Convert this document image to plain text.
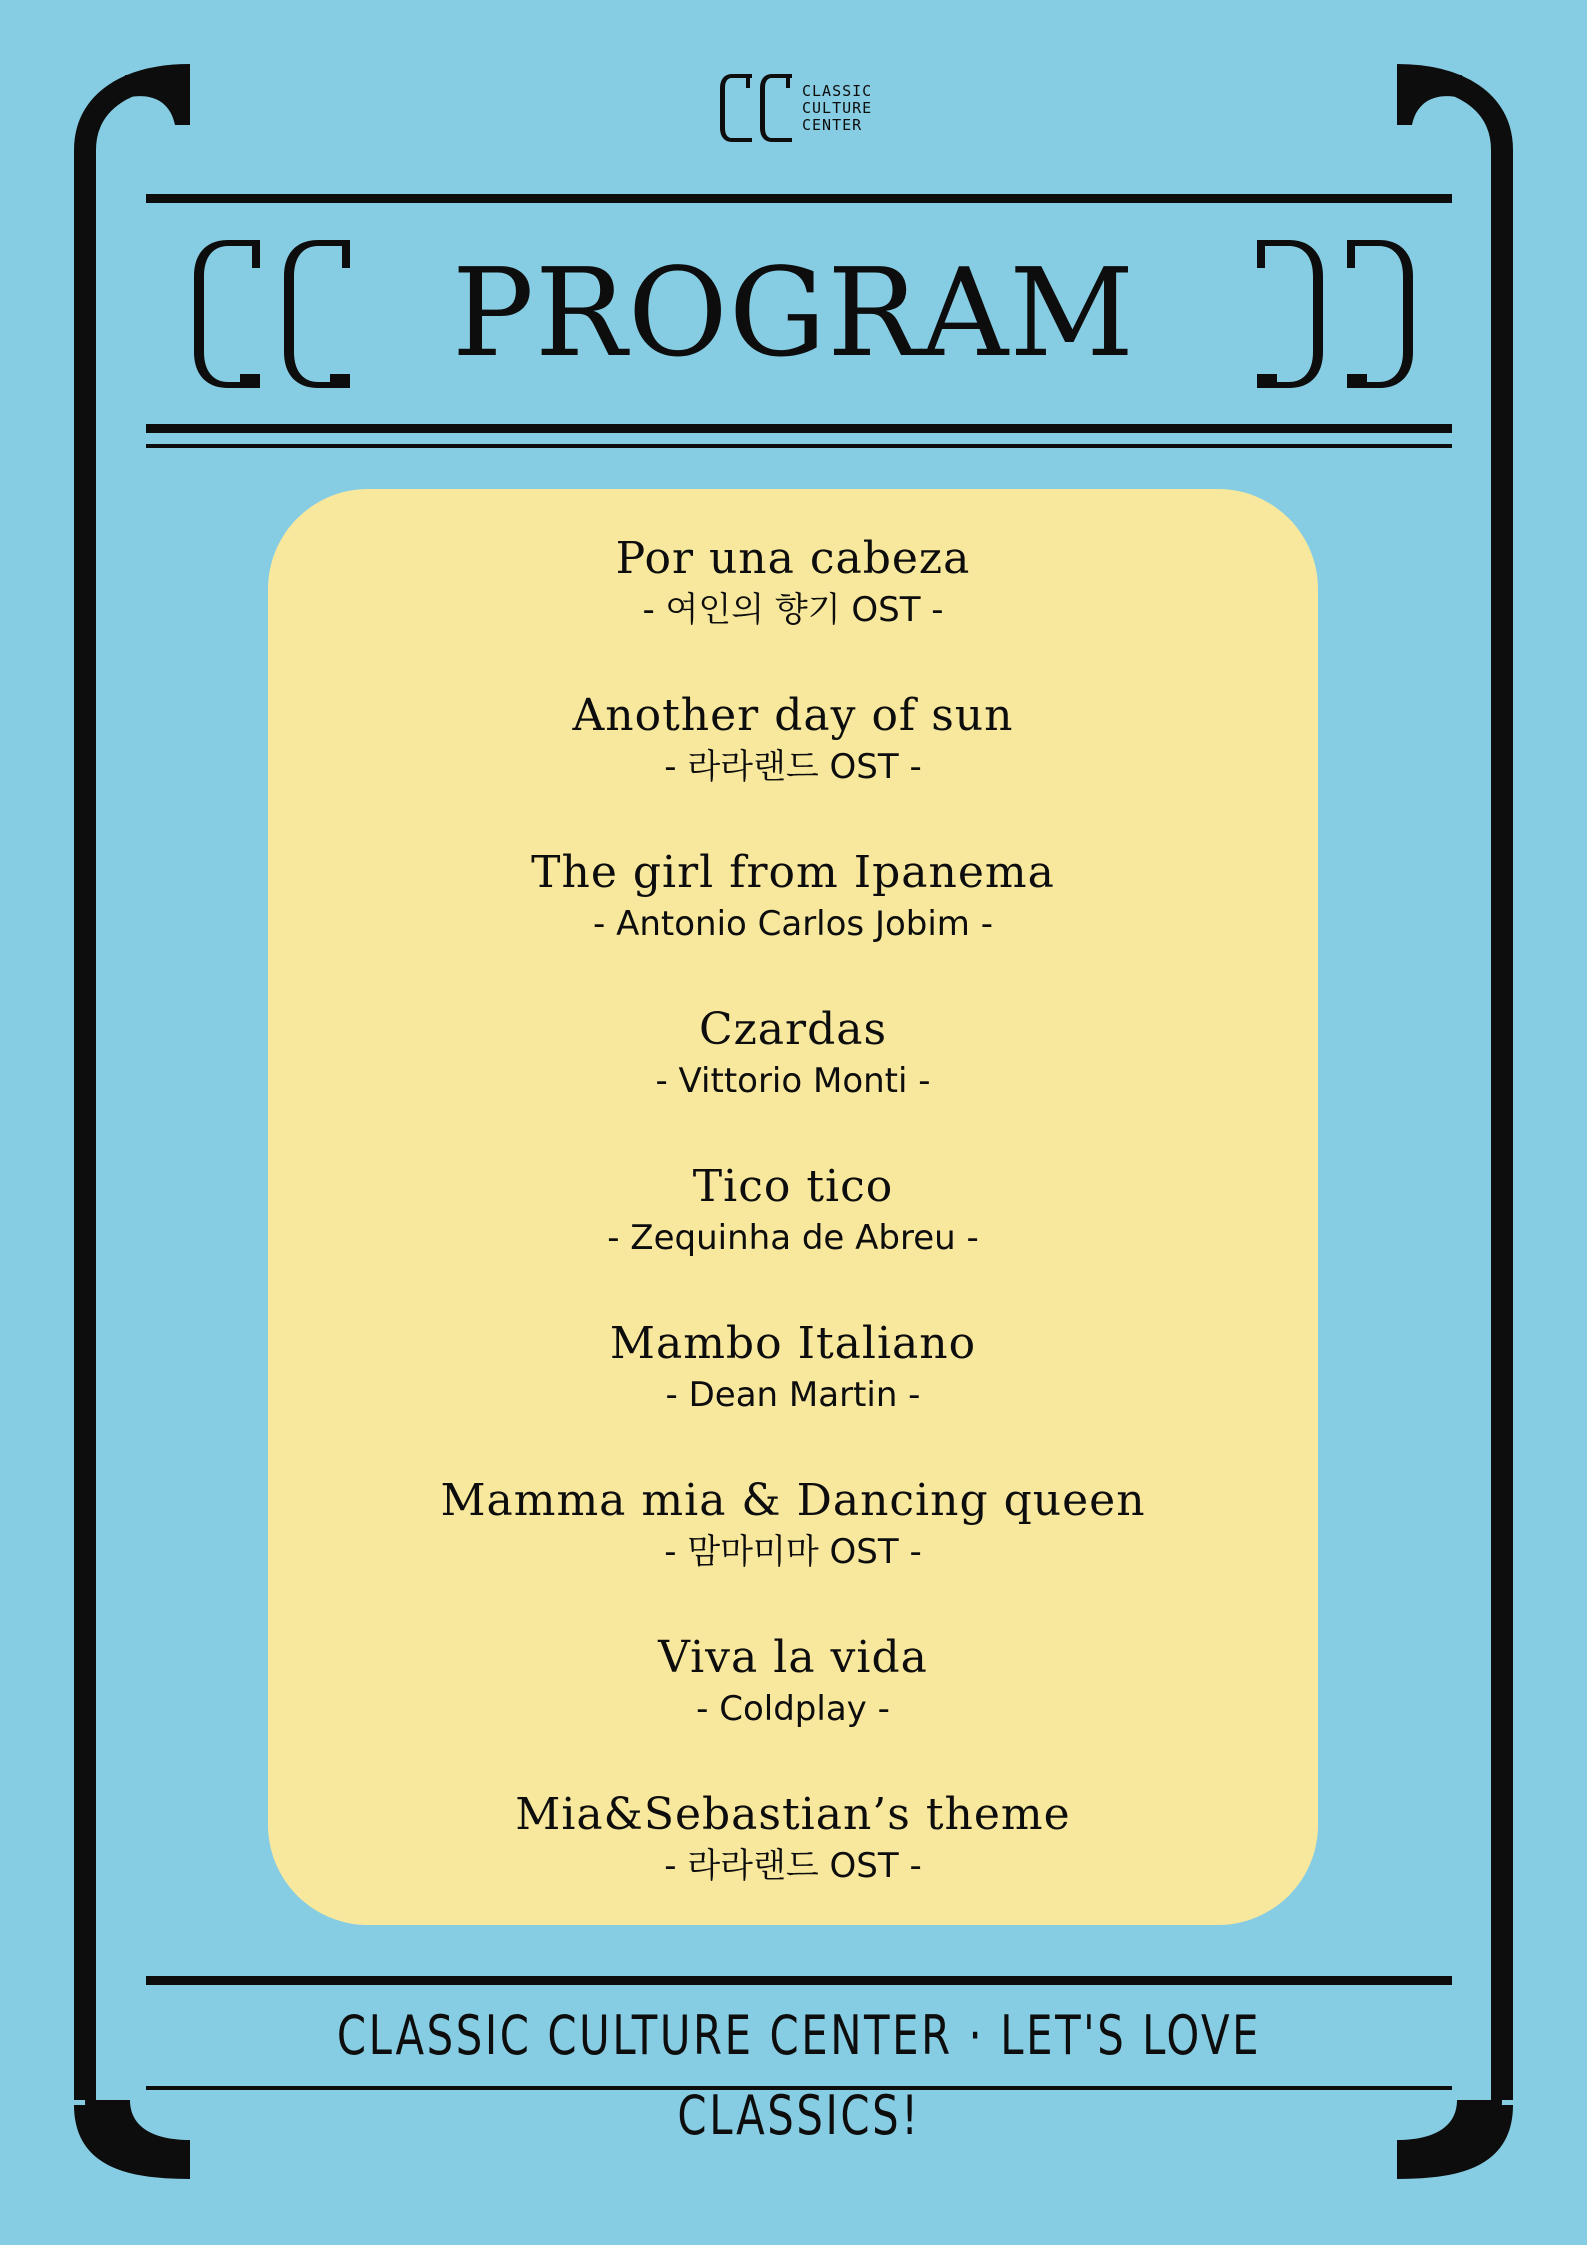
CLASSIC
CULTURE
CENTER
PROGRAM
Por una cabeza
- 여인의 향기 OST -
Another day of sun
- 라라랜드 OST -
The girl from Ipanema
- Antonio Carlos Jobim -
Czardas
- Vittorio Monti -
Tico tico
- Zequinha de Abreu -
Mambo Italiano
- Dean Martin -
Mamma mia & Dancing queen
- 맘마미마 OST -
Viva la vida
- Coldplay -
Mia&Sebastian’s theme
- 라라랜드 OST -
CLASSIC CULTURE CENTER · LET'S LOVE CLASSICS!
